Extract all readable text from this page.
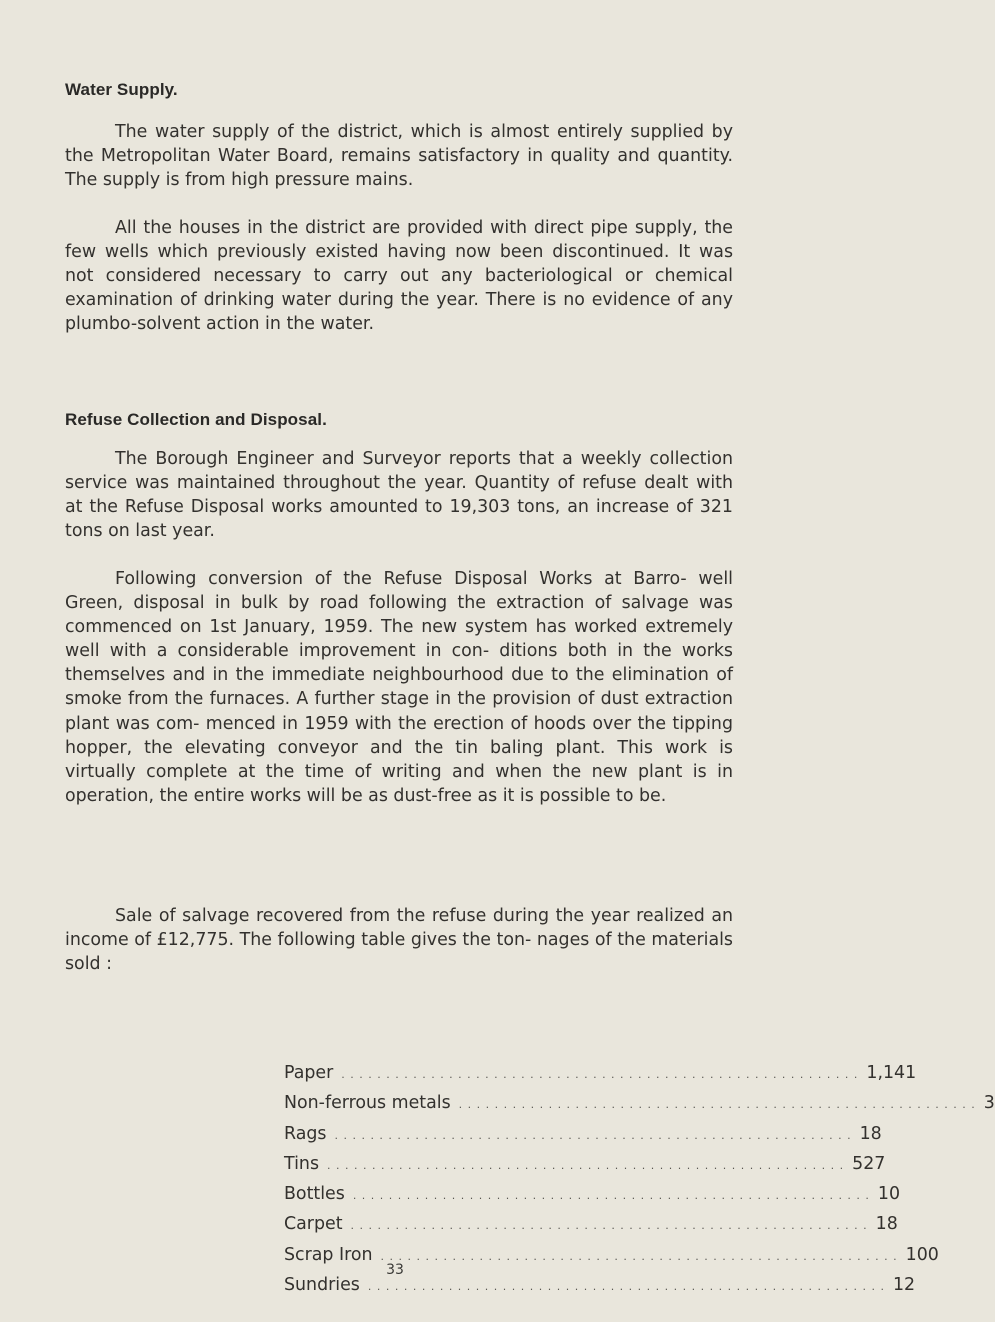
Water Supply.

The water supply of the district, which is almost entirely supplied by the Metropolitan Water Board, remains satisfactory in quality and quantity. The supply is from high pressure mains.

All the houses in the district are provided with direct pipe supply, the few wells which previously existed having now been discontinued. It was not considered necessary to carry out any bacteriological or chemical examination of drinking water during the year. There is no evidence of any plumbo-solvent action in the water.

Refuse Collection and Disposal.

The Borough Engineer and Surveyor reports that a weekly collection service was maintained throughout the year. Quantity of refuse dealt with at the Refuse Disposal works amounted to 19,303 tons, an increase of 321 tons on last year.

Following conversion of the Refuse Disposal Works at Barro- well Green, disposal in bulk by road following the extraction of salvage was commenced on 1st January, 1959. The new system has worked extremely well with a considerable improvement in con- ditions both in the works themselves and in the immediate neighbourhood due to the elimination of smoke from the furnaces. A further stage in the provision of dust extraction plant was com- menced in 1959 with the erection of hoods over the tipping hopper, the elevating conveyor and the tin baling plant. This work is virtually complete at the time of writing and when the new plant is in operation, the entire works will be as dust-free as it is possible to be.

Sale of salvage recovered from the refuse during the year realized an income of £12,775. The following table gives the ton- nages of the materials sold :

Paper . . . . . . . . . . . . . . . . . . . . . . . . . . . . . . . . . . . . . . . . . . . . . . . . . . . . . . . . . . 1,141
Non-ferrous metals . . . . . . . . . . . . . . . . . . . . . . . . . . . . . . . . . . . . . . . . . . . . . . . . . . . . . . . . . . 3
Rags . . . . . . . . . . . . . . . . . . . . . . . . . . . . . . . . . . . . . . . . . . . . . . . . . . . . . . . . . . 18
Tins . . . . . . . . . . . . . . . . . . . . . . . . . . . . . . . . . . . . . . . . . . . . . . . . . . . . . . . . . . 527
Bottles . . . . . . . . . . . . . . . . . . . . . . . . . . . . . . . . . . . . . . . . . . . . . . . . . . . . . . . . . . 10
Carpet . . . . . . . . . . . . . . . . . . . . . . . . . . . . . . . . . . . . . . . . . . . . . . . . . . . . . . . . . . 18
Scrap Iron . . . . . . . . . . . . . . . . . . . . . . . . . . . . . . . . . . . . . . . . . . . . . . . . . . . . . . . . . . 100
Sundries . . . . . . . . . . . . . . . . . . . . . . . . . . . . . . . . . . . . . . . . . . . . . . . . . . . . . . . . . . 12
33
